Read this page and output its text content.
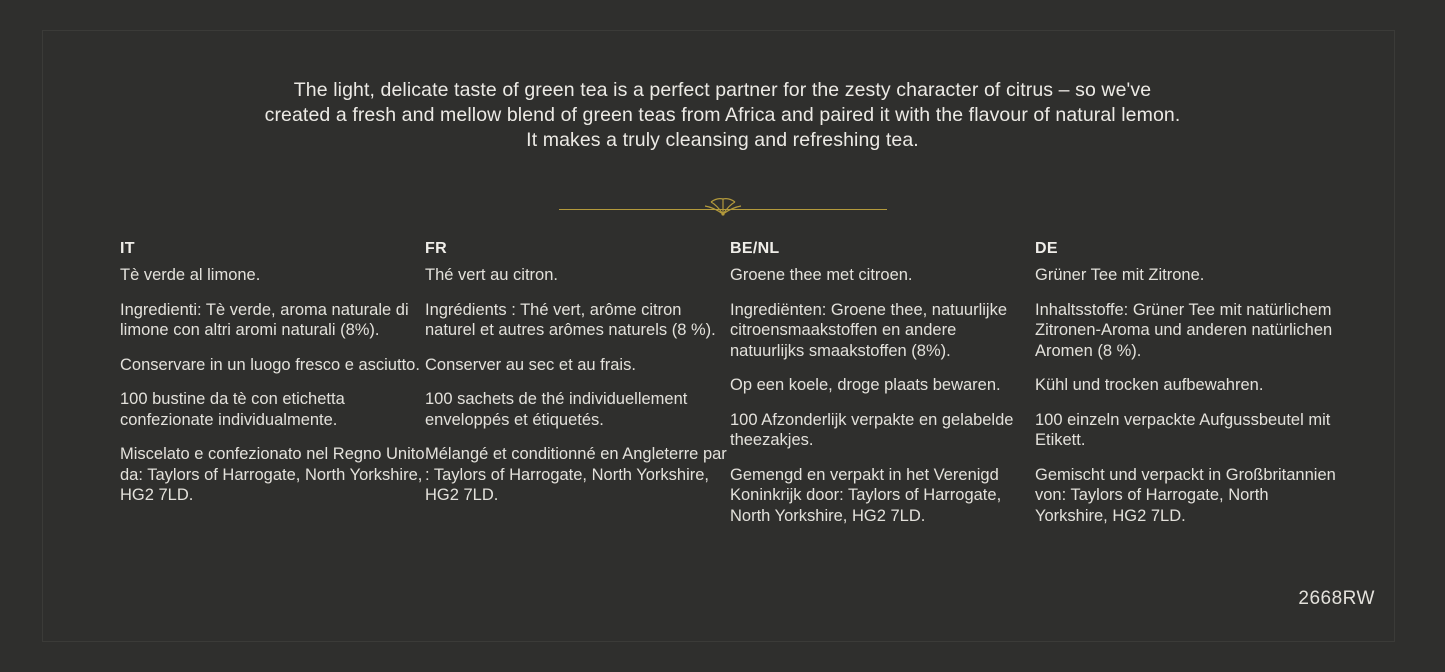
The light, delicate taste of green tea is a perfect partner for the zesty character of citrus – so we've

created a fresh and mellow blend of green teas from Africa and paired it with the flavour of natural lemon.

It makes a truly cleansing and refreshing tea.

IT

Tè verde al limone.

Ingredienti: Tè verde, aroma naturale di limone con altri aromi naturali (8%).

Conservare in un luogo fresco e asciutto.

100 bustine da tè con etichetta confezionate individualmente.

Miscelato e confezionato nel Regno Unito da: Taylors of Harrogate, North Yorkshire, HG2 7LD.

FR

Thé vert au citron.

Ingrédients : Thé vert, arôme citron naturel et autres arômes naturels (8 %).

Conserver au sec et au frais.

100 sachets de thé individuellement enveloppés et étiquetés.

Mélangé et conditionné en Angleterre par : Taylors of Harrogate, North Yorkshire, HG2 7LD.

BE/NL

Groene thee met citroen.

Ingrediënten: Groene thee, natuurlijke citroensmaakstoffen en andere natuurlijks smaakstoffen (8%).

Op een koele, droge plaats bewaren.

100 Afzonderlijk verpakte en gelabelde theezakjes.

Gemengd en verpakt in het Verenigd Koninkrijk door: Taylors of Harrogate, North Yorkshire, HG2 7LD.

DE

Grüner Tee mit Zitrone.

Inhaltsstoffe: Grüner Tee mit natürlichem Zitronen-Aroma und anderen natürlichen Aromen (8 %).

Kühl und trocken aufbewahren.

100 einzeln verpackte Aufgussbeutel mit Etikett.

Gemischt und verpackt in Großbritannien von: Taylors of Harrogate, North Yorkshire, HG2 7LD.

2668RW
